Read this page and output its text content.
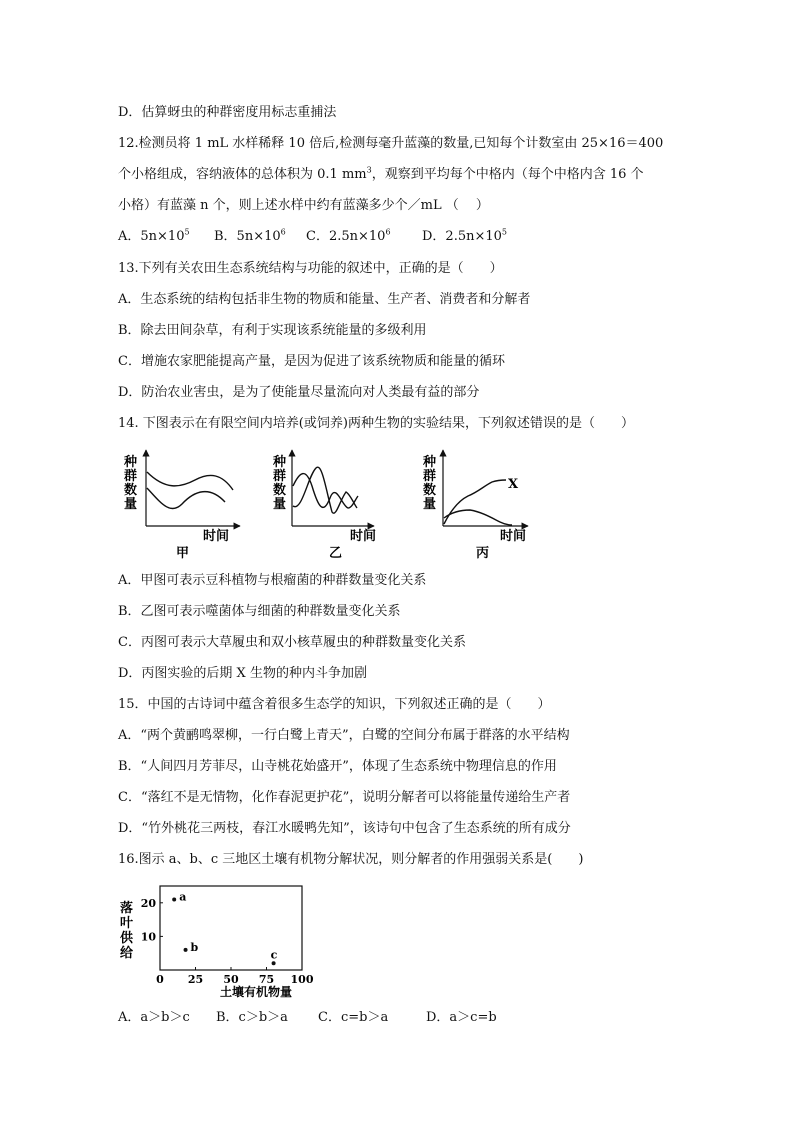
D．估算蚜虫的种群密度用标志重捕法
12.检测员将 1 mL 水样稀释 10 倍后,检测每毫升蓝藻的数量,已知每个计数室由 25×16＝400
个小格组成，容纳液体的总体积为 0.1 $mm^3$，观察到平均每个中格内（每个中格内含 16 个
小格）有蓝藻 n 个，则上述水样中约有蓝藻多少个／mL （　 ）
A．$5n\times 10^5$ B．$5n\times 10^6$ C．$2.5n\times 10^6$ D．$2.5n\times 10^5$
13.下列有关农田生态系统结构与功能的叙述中，正确的是（　　）
A．生态系统的结构包括非生物的物质和能量、生产者、消费者和分解者
B．除去田间杂草，有利于实现该系统能量的多级利用
C．增施农家肥能提高产量，是因为促进了该系统物质和能量的循环
D．防治农业害虫，是为了使能量尽量流向对人类最有益的部分
14. 下图表示在有限空间内培养(或饲养)两种生物的实验结果，下列叙述错误的是（　　）
种
群
数
量
时间
甲
种
群
数
量
时间
乙
X
种
群
数
量
时间
丙
A．甲图可表示豆科植物与根瘤菌的种群数量变化关系
B．乙图可表示噬菌体与细菌的种群数量变化关系
C．丙图可表示大草履虫和双小核草履虫的种群数量变化关系
D．丙图实验的后期 X 生物的种内斗争加剧
15．中国的古诗词中蕴含着很多生态学的知识，下列叙述正确的是（　　）
A．“两个黄鹂鸣翠柳，一行白鹭上青天”，白鹭的空间分布属于群落的水平结构
B．“人间四月芳菲尽，山寺桃花始盛开”，体现了生态系统中物理信息的作用
C．“落红不是无情物，化作春泥更护花”，说明分解者可以将能量传递给生产者
D．“竹外桃花三两枝，春江水暖鸭先知”，该诗句中包含了生态系统的所有成分
16.图示 a、b、c 三地区土壤有机物分解状况，则分解者的作用强弱关系是(　　)
落
叶
供
给
土壤有机物量
0 25 50 75 100
10
20 a
b
c
A．a＞b＞c B．c＞b＞a C．c=b＞a	D．a＞c=b
